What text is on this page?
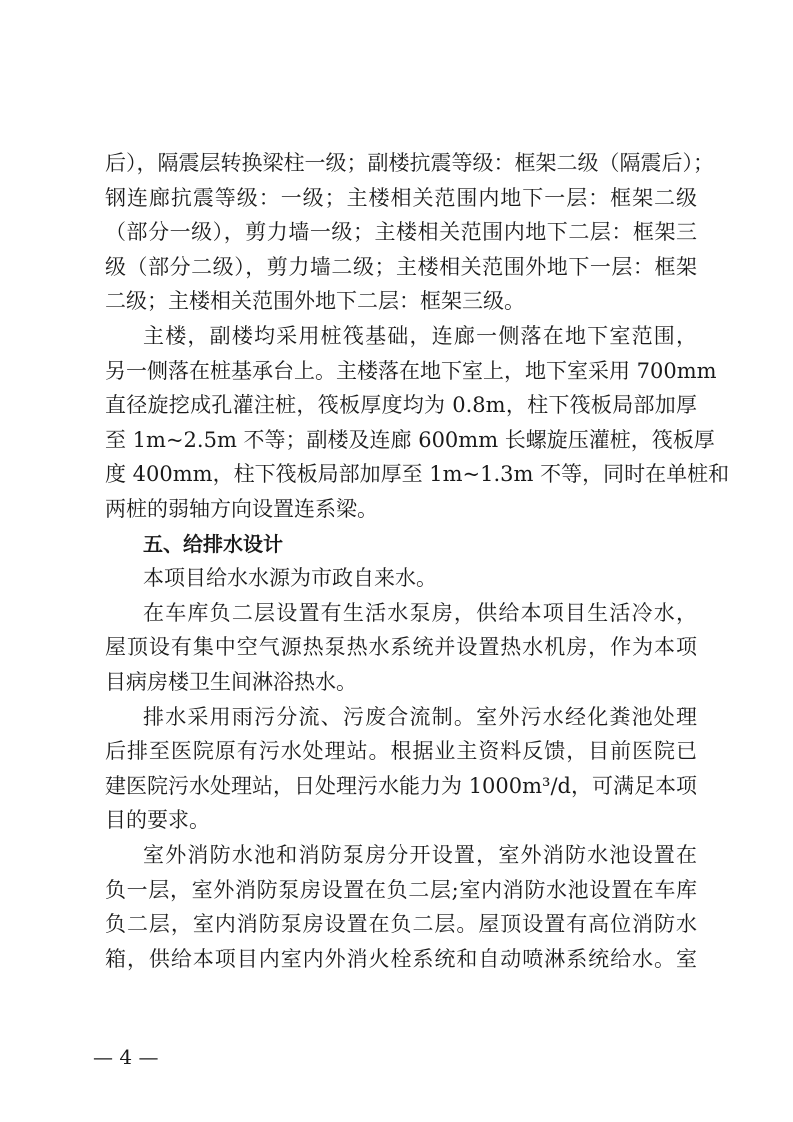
后），隔震层转换梁柱一级；副楼抗震等级：框架二级（隔震后）；
钢连廊抗震等级：一级；主楼相关范围内地下一层：框架二级
（部分一级），剪力墙一级；主楼相关范围内地下二层：框架三
级（部分二级），剪力墙二级；主楼相关范围外地下一层：框架
二级；主楼相关范围外地下二层：框架三级。
主楼，副楼均采用桩筏基础，连廊一侧落在地下室范围，
另一侧落在桩基承台上。主楼落在地下室上，地下室采用 700mm
直径旋挖成孔灌注桩，筏板厚度均为 0.8m，柱下筏板局部加厚
至 1m~2.5m 不等；副楼及连廊 600mm 长螺旋压灌桩，筏板厚
度 400mm，柱下筏板局部加厚至 1m~1.3m 不等，同时在单桩和
两桩的弱轴方向设置连系梁。
五、给排水设计
本项目给水水源为市政自来水。
在车库负二层设置有生活水泵房，供给本项目生活冷水，
屋顶设有集中空气源热泵热水系统并设置热水机房，作为本项
目病房楼卫生间淋浴热水。
排水采用雨污分流、污废合流制。室外污水经化粪池处理
后排至医院原有污水处理站。根据业主资料反馈，目前医院已
建医院污水处理站，日处理污水能力为 1000m³/d，可满足本项
目的要求。
室外消防水池和消防泵房分开设置，室外消防水池设置在
负一层，室外消防泵房设置在负二层;室内消防水池设置在车库
负二层，室内消防泵房设置在负二层。屋顶设置有高位消防水
箱，供给本项目内室内外消火栓系统和自动喷淋系统给水。室
— 4 —
